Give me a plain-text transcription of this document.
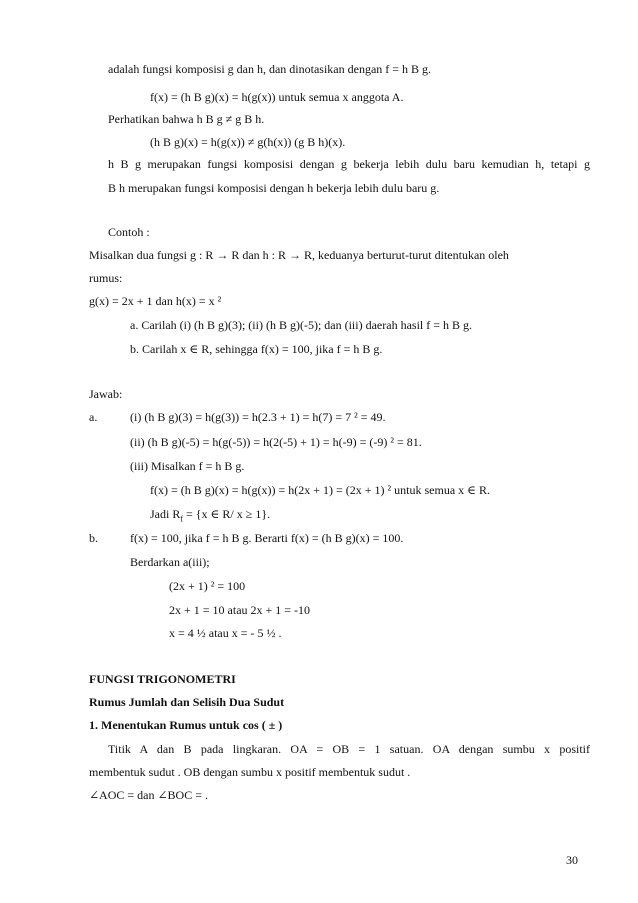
adalah fungsi komposisi g dan h, dan dinotasikan dengan f = h B g.
f(x) = (h B g)(x) = h(g(x)) untuk semua x anggota A.
Perhatikan bahwa h B g ≠ g B h.
(h B g)(x) = h(g(x)) ≠ g(h(x)) (g B h)(x).
h B g merupakan fungsi komposisi dengan g bekerja lebih dulu baru kemudian h, tetapi g
B h merupakan fungsi komposisi dengan h bekerja lebih dulu baru g.
Contoh :
Misalkan dua fungsi g : R → R dan h : R → R, keduanya berturut-turut ditentukan oleh
rumus:
g(x) = 2x + 1 dan h(x) = x ²
a. Carilah (i) (h B g)(3); (ii) (h B g)(-5); dan (iii) daerah hasil f = h B g.
b. Carilah x ∈ R, sehingga f(x) = 100, jika f = h B g.
Jawab:
a.	(i) (h B g)(3) = h(g(3)) = h(2.3 + 1) = h(7) = 7 ² = 49.
(ii) (h B g)(-5) = h(g(-5)) = h(2(-5) + 1) = h(-9) = (-9) ² = 81.
(iii) Misalkan f = h B g.
f(x) = (h B g)(x) = h(g(x)) = h(2x + 1) = (2x + 1) ² untuk semua x ∈ R.
Jadi $R_f = \{x$ ∈ R/ x ≥ 1}.
b.	f(x) = 100, jika f = h B g. Berarti f(x) = (h B g)(x) = 100.
Berdarkan a(iii);
(2x + 1) ² = 100
2x + 1 = 10 atau 2x + 1 = -10
x = 4 ½ atau x = - 5 ½ .
FUNGSI TRIGONOMETRI
Rumus Jumlah dan Selisih Dua Sudut
1. Menentukan Rumus untuk cos ( ± )
Titik A dan B pada lingkaran. OA = OB = 1 satuan. OA dengan sumbu x positif
membentuk sudut . OB dengan sumbu x positif membentuk sudut .
∠AOC = dan ∠BOC = .
30
